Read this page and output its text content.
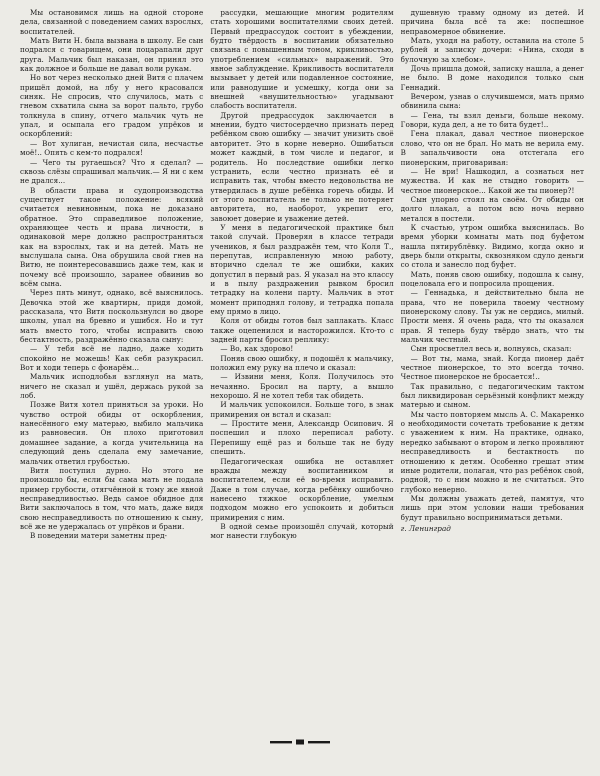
Мы остановимся лишь на одной стороне дела, связанной с поведением самих взрослых, воспитателей.

Мать Вити Н. была вызвана в школу. Ее сын подрался с товарищем, они поцарапали друг друга. Мальчик был наказан, он принял это как должное и больше не давал воли рукам.

Но вот через несколько дней Витя с плачем пришёл домой, на лбу у него красовался синяк. Не спросив, что случилось, мать с гневом схватила сына за ворот пальто, грубо толкнула в спину, отчего мальчик чуть не упал, и осыпала его градом упрёков и оскорблений:

— Вот хулиган, нечистая сила, несчастье моё!.. Опять с кем-то подрался!

— Чего ты ругаешься? Что я сделал? — сквозь слёзы спрашивал мальчик.— Я ни с кем не дрался...

В области права и судопроизводства существует такое положение: всякий считается невиновным, пока не доказано обратное. Это справедливое положение, охраняющее честь и права личности, в одинаковой мере должно распространяться как на взрослых, так и на детей. Мать не выслушала сына. Она обрушила свой гнев на Витю, не поинтересовавшись даже тем, как и почему всё произошло, заранее обвинив во всём сына.

Через пять минут, однако, всё выяснилось. Девочка этой же квартиры, придя домой, рассказала, что Витя поскользнулся во дворе школы, упал на бревно и ушибся. Но и тут мать вместо того, чтобы исправить свою бестактность, раздражённо сказала сыну:

— У тебя всё не ладно, даже ходить спокойно не можешь! Как себя разукрасил. Вот и ходи теперь с фонарём...

Мальчик исподлобья взглянул на мать, ничего не сказал и ушёл, держась рукой за лоб.

Позже Витя хотел приняться за уроки. Но чувство острой обиды от оскорбления, нанесённого ему матерью, выбило мальчика из равновесия. Он плохо приготовил домашнее задание, а когда учительница на следующий день сделала ему замечание, мальчик ответил грубостью.

Витя поступил дурно. Но этого не произошло бы, если бы сама мать не подала пример грубости, отягчённой к тому же явной несправедливостью. Ведь самое обидное для Вити заключалось в том, что мать, даже видя свою несправедливость по отношению к сыну, всё же не удержалась от упрёков и брани.

В поведении матери заметны пред-

рассудки, мешающие многим родителям стать хорошими воспитателями своих детей. Первый предрассудок состоит в убеждении, будто твёрдость в воспитании обязательно связана с повышенным тоном, крикливостью, употреблением «сильных» выражений. Это явное заблуждение. Крикливость воспитателя вызывает у детей или подавленное состояние, или равнодушие и усмешку, когда они за внешней «внушительностью» угадывают слабость воспитателя.

Другой предрассудок заключается в мнении, будто чистосердечно признать перед ребёнком свою ошибку — значит унизить своё авторитет. Это в корне неверно. Ошибаться может каждый, в том числе и педагог, и родитель. Но последствие ошибки легко устранить, если честно признать её и исправить так, чтобы вместо недовольства не утвердилась в душе ребёнка горечь обиды. И от этого воспитатель не только не потеряет авторитета, но, наоборот, укрепит его, завоюет доверие и уважение детей.

У меня в педагогической практике был такой случай. Проверяя в классе тетради учеников, я был раздражён тем, что Коля Т., перепутав, исправленную мною работу, вторично сделал те же ошибки, каких допустил в первый раз. Я указал на это классу и в пылу раздражения рывком бросил тетрадку на колени парту. Мальчик в этот момент приподнял голову, и тетрадка попала ему прямо в лицо.

Коля от обиды готов был заплакать. Класс также оцепенился и насторожился. Кто-то с задней парты бросил реплику:

— Во, как здорово!

Поняв свою ошибку, я подошёл к мальчику, положил ему руку на плечо и сказал:

— Извини меня, Коля. Получилось это нечаянно. Бросил на парту, а вышло нехорошо. Я не хотел тебя так обидеть.

И мальчик успокоился. Больше того, в знак примирения он встал и сказал:

— Простите меня, Александр Осипович. Я поспешил и плохо переписал работу. Перепишу ещё раз и больше так не буду спешить.

Педагогическая ошибка не оставляет вражды между воспитанником и воспитателем, если её во-время исправить. Даже в том случае, когда ребёнку ошибочно нанесено тяжкое оскорбление, умелым подходом можно его успокоить и добиться примирения с ним.

В одной семье произошёл случай, который мог нанести глубокую

душевную травму одному из детей. И причина была всё та же: поспешное неправомерное обвинение.

Мать, уходя на работу, оставила на столе 5 рублей и записку дочери: «Нина, сходи в булочную за хлебом».

Дочь пришла домой, записку нашла, а денег не было. В доме находился только сын Геннадий.

Вечером, узнав о случившемся, мать прямо обвинила сына:

— Гена, ты взял деньги, больше некому. Говори, куда дел, а не то бита будет!..

Гена плакал, давал честное пионерское слово, что он не брал. Но мать не верила ему. В запальчивости она отстегала его пионерским, приговаривая:

— Не ври! Нашкодил, а сознаться нет мужества. И как не стыдно говорить — честное пионерское... Какой же ты пионер?!

Сын упорно стоял на своём. От обиды он долго плакал, а потом всю ночь нервно метался в постели.

К счастью, утром ошибка выяснилась. Во время уборки комнаты мать под буфетом нашла пятирублёвку. Видимо, когда окно и дверь были открыты, сквозняком сдуло деньги со стола и занесло под буфет.

Мать, поняв свою ошибку, подошла к сыну, поцеловала его и попросила прощения.

— Геннадька, я действительно была не права, что не поверила твоему честному пионерскому слову. Ты уж не сердись, милый. Прости меня. Я очень рада, что ты оказался прав. Я теперь буду твёрдо знать, что ты мальчик честный.

Сын просветлел весь и, волнуясь, сказал:

— Вот ты, мама, знай. Когда пионер даёт честное пионерское, то это всегда точно. Честное пионерское не бросается!..

Так правильно, с педагогическим тактом был ликвидирован серьёзный конфликт между матерью и сыном.

Мы часто повторяем мысль А. С. Макаренко о необходимости сочетать требование к детям с уважением к ним. На практике, однако, нередко забывают о втором и легко проявляют несправедливость и бестактность по отношению к детям. Особенно грешат этим иные родители, полагая, что раз ребёнок свой, родной, то с ним можно и не считаться. Это глубоко неверно.

Мы должны уважать детей, памятуя, что лишь при этом условии наши требования будут правильно восприниматься детьми.

г. Ленинград
